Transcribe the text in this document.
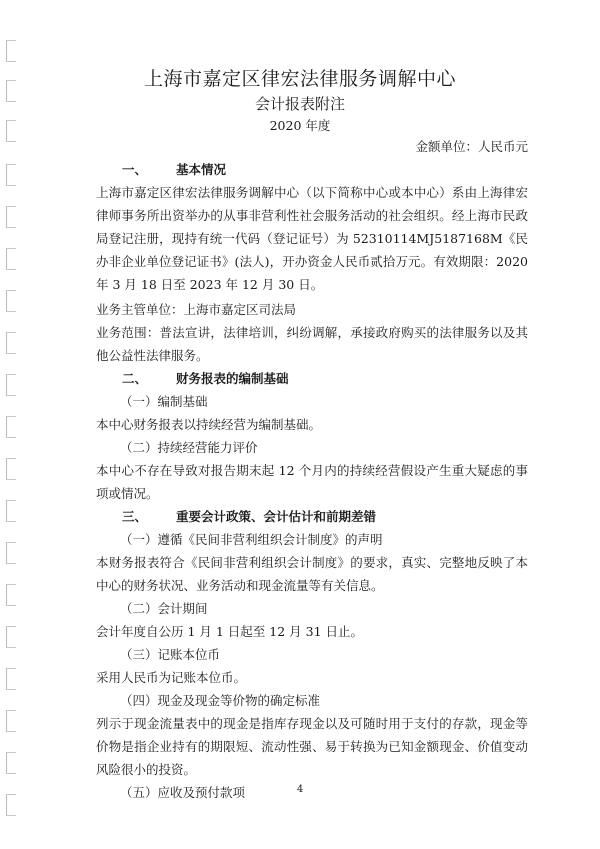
上海市嘉定区律宏法律服务调解中心
会计报表附注
2020 年度
金额单位：人民币元

一、 基本情况

上海市嘉定区律宏法律服务调解中心（以下简称中心或本中心）系由上海律宏律师事务所出资举办的从事非营利性社会服务活动的社会组织。经上海市民政局登记注册，现持有统一代码（登记证号）为 52310114MJ5187168M《民办非企业单位登记证书》(法人)，开办资金人民币贰拾万元。有效期限：2020 年 3 月 18 日至 2023 年 12 月 30 日。

业务主管单位：上海市嘉定区司法局

业务范围：普法宣讲，法律培训，纠纷调解，承接政府购买的法律服务以及其他公益性法律服务。

二、 财务报表的编制基础

（一）编制基础

本中心财务报表以持续经营为编制基础。

（二）持续经营能力评价

本中心不存在导致对报告期末起 12 个月内的持续经营假设产生重大疑虑的事项或情况。

三、 重要会计政策、会计估计和前期差错

（一）遵循《民间非营利组织会计制度》的声明

本财务报表符合《民间非营利组织会计制度》的要求，真实、完整地反映了本中心的财务状况、业务活动和现金流量等有关信息。

（二）会计期间

会计年度自公历 1 月 1 日起至 12 月 31 日止。

（三）记账本位币

采用人民币为记账本位币。

（四）现金及现金等价物的确定标准

列示于现金流量表中的现金是指库存现金以及可随时用于支付的存款，现金等价物是指企业持有的期限短、流动性强、易于转换为已知金额现金、价值变动风险很小的投资。

（五）应收及预付款项	4
